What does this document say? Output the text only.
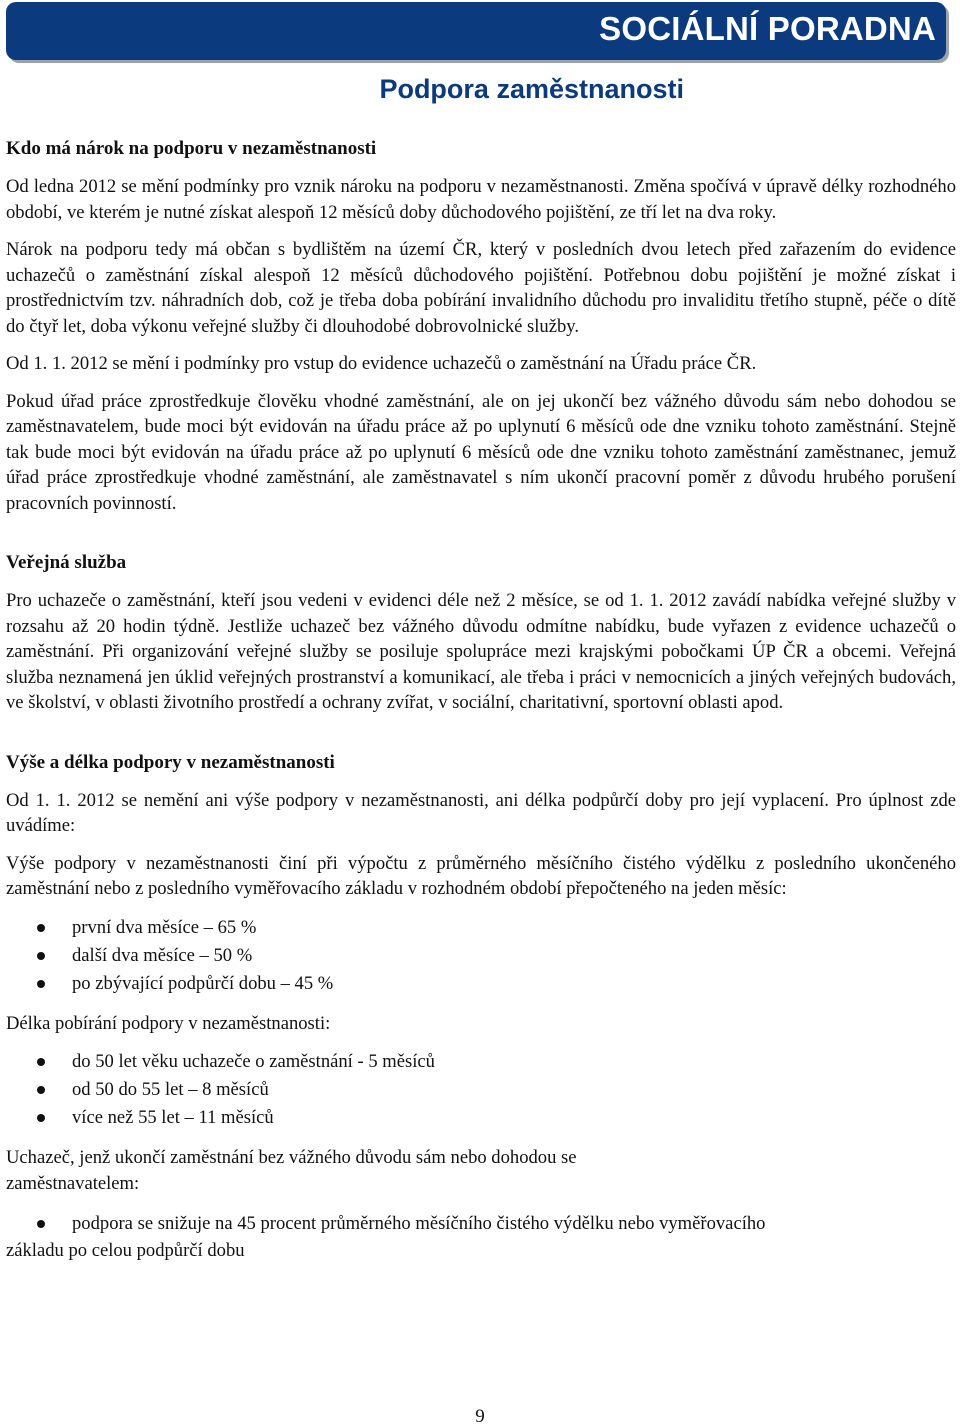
SOCIÁLNÍ PORADNA
Podpora zaměstnanosti
Kdo má nárok na podporu v nezaměstnanosti

Od ledna 2012 se mění podmínky pro vznik nároku na podporu v nezaměstnanosti. Změna spočívá v úpravě délky rozhodného období, ve kterém je nutné získat alespoň 12 měsíců doby důchodového pojištění, ze tří let na dva roky.

Nárok na podporu tedy má občan s bydlištěm na území ČR, který v posledních dvou letech před zařazením do evidence uchazečů o zaměstnání získal alespoň 12 měsíců důchodového pojištění. Potřebnou dobu pojištění je možné získat i prostřednictvím tzv. náhradních dob, což je třeba doba pobírání invalidního důchodu pro invaliditu třetího stupně, péče o dítě do čtyř let, doba výkonu veřejné služby či dlouhodobé dobrovolnické služby.

Od 1. 1. 2012 se mění i podmínky pro vstup do evidence uchazečů o zaměstnání na Úřadu práce ČR.

Pokud úřad práce zprostředkuje člověku vhodné zaměstnání, ale on jej ukončí bez vážného důvodu sám nebo dohodou se zaměstnavatelem, bude moci být evidován na úřadu práce až po uplynutí 6 měsíců ode dne vzniku tohoto zaměstnání. Stejně tak bude moci být evidován na úřadu práce až po uplynutí 6 měsíců ode dne vzniku tohoto zaměstnání zaměstnanec, jemuž úřad práce zprostředkuje vhodné zaměstnání, ale zaměstnavatel s ním ukončí pracovní poměr z důvodu hrubého porušení pracovních povinností.

Veřejná služba

Pro uchazeče o zaměstnání, kteří jsou vedeni v evidenci déle než 2 měsíce, se od 1. 1. 2012 zavádí nabídka veřejné služby v rozsahu až 20 hodin týdně. Jestliže uchazeč bez vážného důvodu odmítne nabídku, bude vyřazen z evidence uchazečů o zaměstnání. Při organizování veřejné služby se posiluje spolupráce mezi krajskými pobočkami ÚP ČR a obcemi. Veřejná služba neznamená jen úklid veřejných prostranství a komunikací, ale třeba i práci v nemocnicích a jiných veřejných budovách, ve školství, v oblasti životního prostředí a ochrany zvířat, v sociální, charitativní, sportovní oblasti apod.

Výše a délka podpory v nezaměstnanosti

Od 1. 1. 2012 se nemění ani výše podpory v nezaměstnanosti, ani délka podpůrčí doby pro její vyplacení. Pro úplnost zde uvádíme:

Výše podpory v nezaměstnanosti činí při výpočtu z průměrného měsíčního čistého výdělku z posledního ukončeného zaměstnání nebo z posledního vyměřovacího základu v rozhodném období přepočteného na jeden měsíc:

první dva měsíce – 65 %
další dva měsíce – 50 %
po zbývající podpůrčí dobu – 45 %

Délka pobírání podpory v nezaměstnanosti:

do 50 let věku uchazeče o zaměstnání - 5 měsíců
od 50 do 55 let – 8 měsíců
více než 55 let – 11 měsíců

Uchazeč, jenž ukončí zaměstnání bez vážného důvodu sám nebo dohodou se zaměstnavatelem:

podpora se snižuje na 45 procent průměrného měsíčního čistého výdělku nebo vyměřovacího základu po celou podpůrčí dobu
9
